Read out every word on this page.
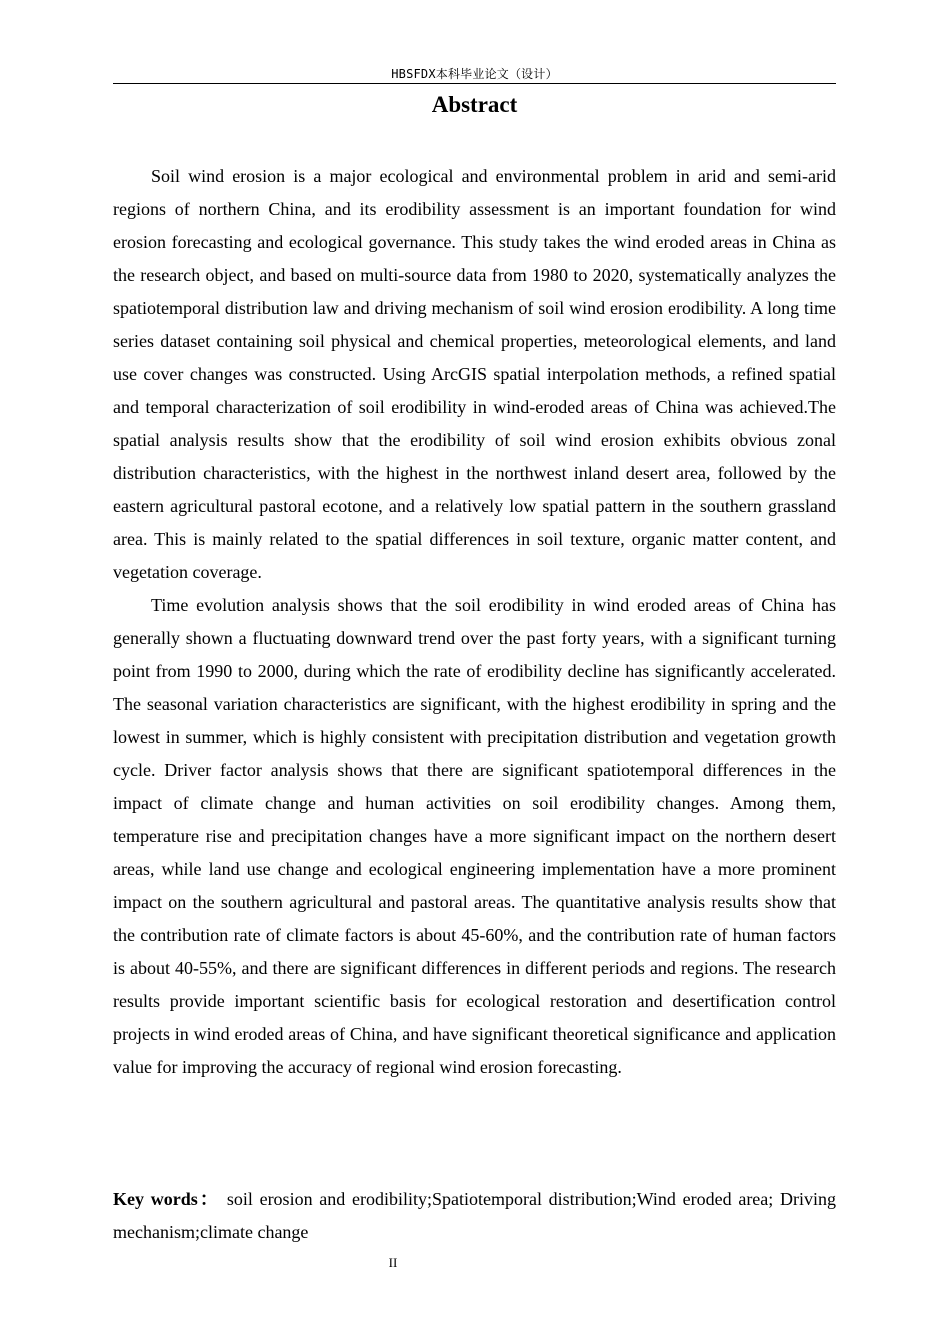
HBSFDX本科毕业论文（设计）
Abstract

Soil wind erosion is a major ecological and environmental problem in arid and semi-arid regions of northern China, and its erodibility assessment is an important foundation for wind erosion forecasting and ecological governance. This study takes the wind eroded areas in China as the research object, and based on multi-source data from 1980 to 2020, systematically analyzes the spatiotemporal distribution law and driving mechanism of soil wind erosion erodibility. A long time series dataset containing soil physical and chemical properties, meteorological elements, and land use cover changes was constructed. Using ArcGIS spatial interpolation methods, a refined spatial and temporal characterization of soil erodibility in wind-eroded areas of China was achieved.The spatial analysis results show that the erodibility of soil wind erosion exhibits obvious zonal distribution characteristics, with the highest in the northwest inland desert area, followed by the eastern agricultural pastoral ecotone, and a relatively low spatial pattern in the southern grassland area. This is mainly related to the spatial differences in soil texture, organic matter content, and vegetation coverage.

Time evolution analysis shows that the soil erodibility in wind eroded areas of China has generally shown a fluctuating downward trend over the past forty years, with a significant turning point from 1990 to 2000, during which the rate of erodibility decline has significantly accelerated. The seasonal variation characteristics are significant, with the highest erodibility in spring and the lowest in summer, which is highly consistent with precipitation distribution and vegetation growth cycle. Driver factor analysis shows that there are significant spatiotemporal differences in the impact of climate change and human activities on soil erodibility changes. Among them, temperature rise and precipitation changes have a more significant impact on the northern desert areas, while land use change and ecological engineering implementation have a more prominent impact on the southern agricultural and pastoral areas. The quantitative analysis results show that the contribution rate of climate factors is about 45-60%, and the contribution rate of human factors is about 40-55%, and there are significant differences in different periods and regions. The research results provide important scientific basis for ecological restoration and desertification control projects in wind eroded areas of China, and have significant theoretical significance and application value for improving the accuracy of regional wind erosion forecasting.

Key words： soil erosion and erodibility;Spatiotemporal distribution;Wind eroded area; Driving mechanism;climate change

II
